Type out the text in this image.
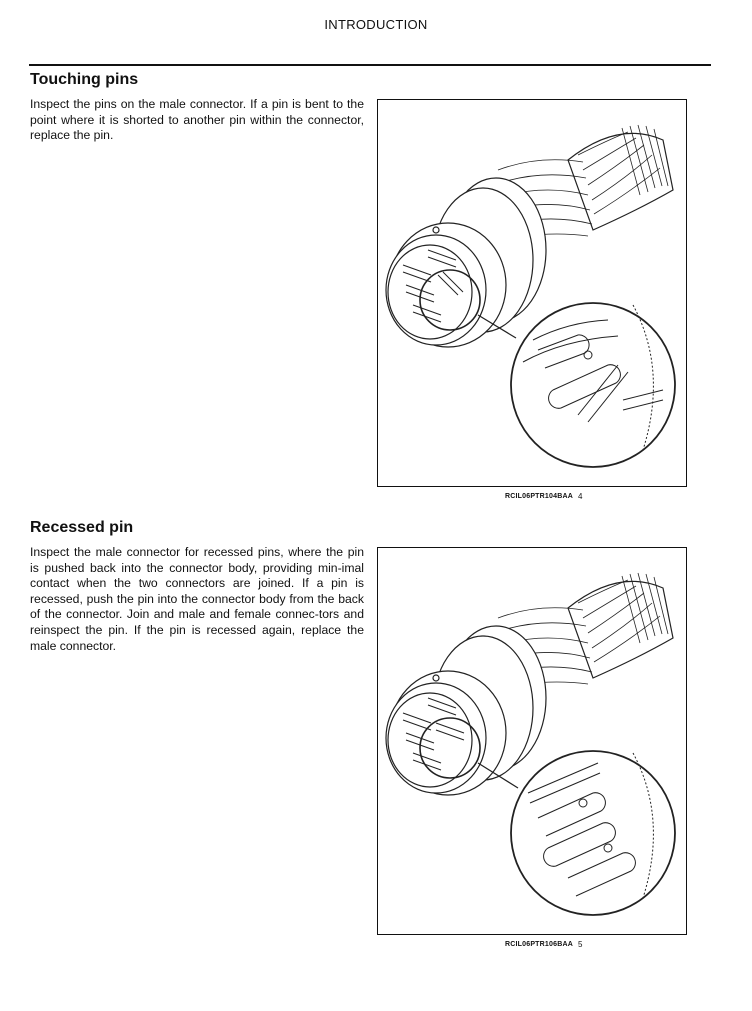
INTRODUCTION
Touching pins
Inspect the pins on the male connector. If a pin is bent to the point where it is shorted to another pin within the connector, replace the pin.
RCIL06PTR104BAA 4
Recessed pin
Inspect the male connector for recessed pins, where the pin is pushed back into the connector body, providing min-imal contact when the two connectors are joined. If a pin is recessed, push the pin into the connector body from the back of the connector. Join and male and female connec-tors and reinspect the pin. If the pin is recessed again, replace the male connector.
RCIL06PTR106BAA 5
